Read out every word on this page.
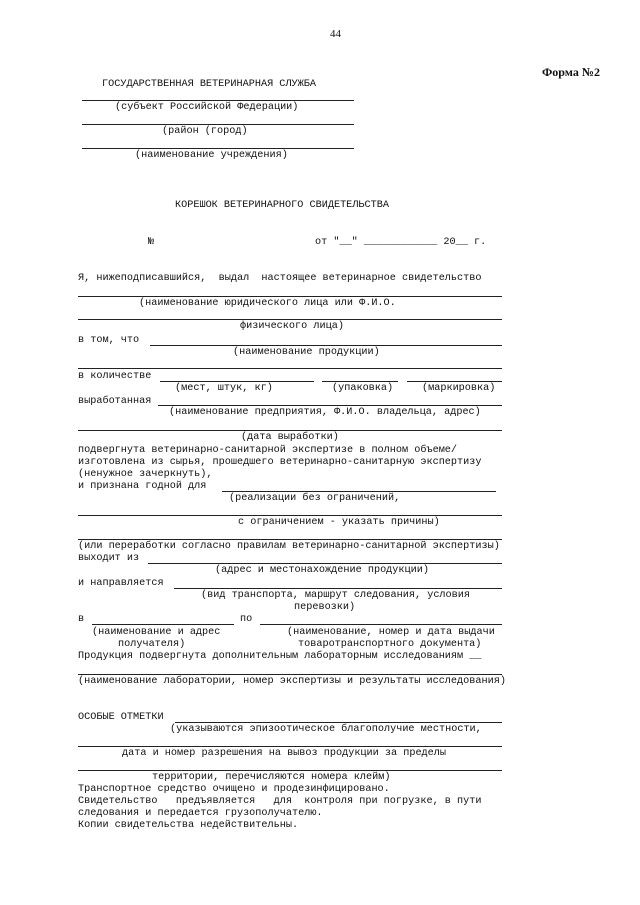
44
Форма №2
ГОСУДАРСТВЕННАЯ ВЕТЕРИНАРНАЯ СЛУЖБА
(субъект Российской Федерации)
(район (город)
(наименование учреждения)
КОРЕШОК ВЕТЕРИНАРНОГО СВИДЕТЕЛЬСТВА
№	от "__" ____________ 20__ г.
Я, нижеподписавшийся,  выдал  настоящее ветеринарное свидетельство
(наименование юридического лица или Ф.И.О.
физического лица)
в том, что
(наименование продукции)
в количестве
(мест, штук, кг)	(упаковка)	(маркировка)
выработанная
(наименование предприятия, Ф.И.О. владельца, адрес)
(дата выработки)
подвергнута ветеринарно-санитарной экспертизе в полном объеме/
изготовлена из сырья, прошедшего ветеринарно-санитарную экспертизу
(ненужное зачеркнуть),
и признана годной для
(реализации без ограничений,
с ограничением - указать причины)
(или переработки согласно правилам ветеринарно-санитарной экспертизы)
выходит из
(адрес и местонахождение продукции)
и направляется
(вид транспорта, маршрут следования, условия
перевозки)
в	по
(наименование и адрес
получателя)
(наименование, номер и дата выдачи
товаротранспортного документа)
Продукция подвергнута дополнительным лабораторным исследованиям __
(наименование лаборатории, номер экспертизы и результаты исследования)
ОСОБЫЕ ОТМЕТКИ
(указываются эпизоотическое благополучие местности,
дата и номер разрешения на вывоз продукции за пределы
территории, перечисляются номера клейм)
Транспортное средство очищено и продезинфицировано.
Свидетельство   предъявляется   для  контроля при погрузке, в пути
следования и передается грузополучателю.
Копии свидетельства недействительны.
